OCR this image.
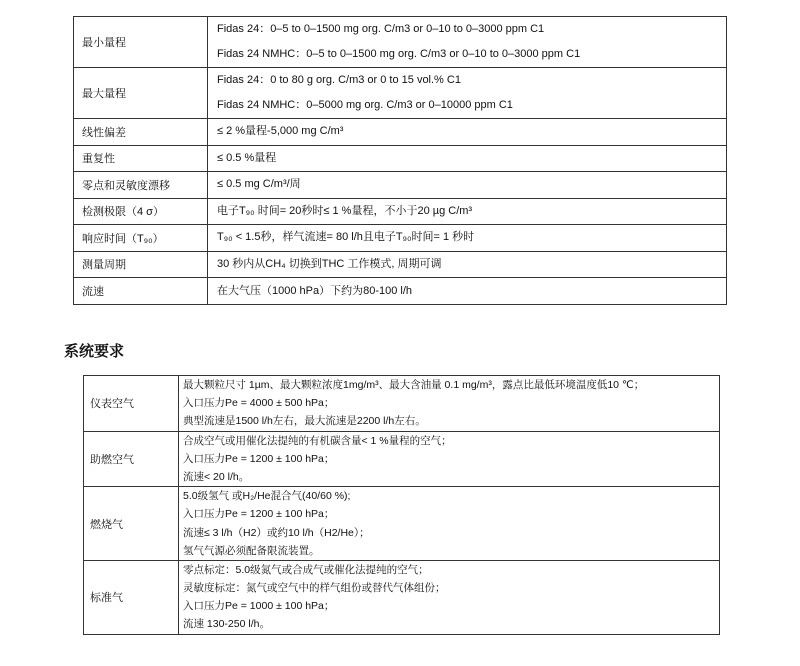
最小量程	Fidas 24：0–5 to 0–1500 mg org. C/m3 or 0–10 to 0–3000 ppm C1
Fidas 24 NMHC：0–5 to 0–1500 mg org. C/m3 or 0–10 to 0–3000 ppm C1

最大量程	Fidas 24：0 to 80 g org. C/m3 or 0 to 15 vol.% C1
Fidas 24 NMHC：0–5000 mg org. C/m3 or 0–10000 ppm C1

线性偏差	≤ 2 %量程-5,000 mg C/m³

重复性	≤ 0.5 %量程

零点和灵敏度漂移	≤ 0.5 mg C/m³/周

检测极限（4 σ）	电子T₉₀ 时间= 20秒时≤ 1 %量程，不小于20 µg C/m³

响应时间（T₉₀）	T₉₀ < 1.5秒，样气流速= 80 l/h且电子T₉₀时间= 1 秒时

测量周期	30 秒内从CH₄ 切换到THC 工作模式, 周期可调

流速	在大气压（1000 hPa）下约为80-100 l/h
系统要求
仪表空气	最大颗粒尺寸 1µm、最大颗粒浓度1mg/m³、最大含油量 0.1 mg/m³，露点比最低环境温度低10 ℃；
入口压力Pe = 4000 ± 500 hPa；
典型流速是1500 l/h左右，最大流速是2200 l/h左右。

助燃空气	合成空气或用催化法提纯的有机碳含量< 1 %量程的空气；
入口压力Pe = 1200 ± 100 hPa；
流速< 20 l/h。

燃烧气	5.0级氢气 或H₂/He混合气(40/60 %);
入口压力Pe = 1200 ± 100 hPa；
流速≤ 3 l/h（H2）或约10 l/h（H2/He）；
氢气气源必须配备限流装置。

标准气	零点标定：5.0级氮气或合成气或催化法提纯的空气；
灵敏度标定：氮气或空气中的样气组份或替代气体组份；
入口压力Pe = 1000 ± 100 hPa；
流速 130-250 l/h。
